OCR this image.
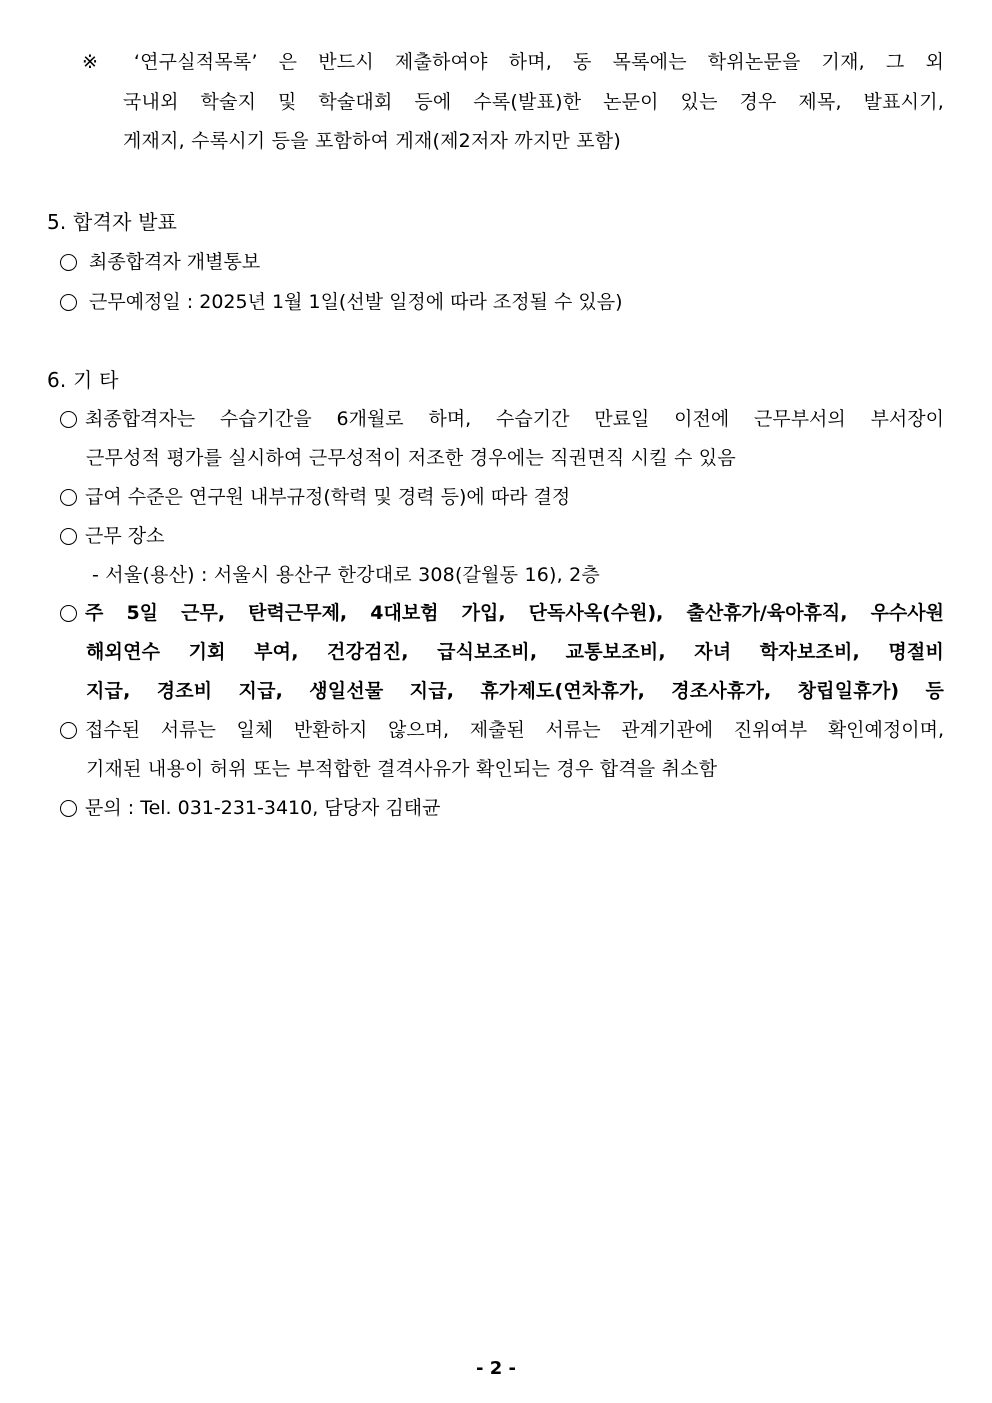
※ ‘연구실적목록’ 은 반드시 제출하여야 하며, 동 목록에는 학위논문을 기재, 그 외
국내외 학술지 및 학술대회 등에 수록(발표)한 논문이 있는 경우 제목, 발표시기,
게재지, 수록시기 등을 포함하여 게재(제2저자 까지만 포함)
5. 합격자 발표
최종합격자 개별통보
근무예정일 : 2025년 1월 1일(선발 일정에 따라 조정될 수 있음)
6. 기 타
최종합격자는 수습기간을 6개월로 하며, 수습기간 만료일 이전에 근무부서의 부서장이
근무성적 평가를 실시하여 근무성적이 저조한 경우에는 직권면직 시킬 수 있음
급여 수준은 연구원 내부규정(학력 및 경력 등)에 따라 결정
근무 장소
- 서울(용산) : 서울시 용산구 한강대로 308(갈월동 16), 2층
주 5일 근무, 탄력근무제, 4대보험 가입, 단독사옥(수원), 출산휴가/육아휴직, 우수사원
해외연수 기회 부여, 건강검진, 급식보조비, 교통보조비, 자녀 학자보조비, 명절비
지급, 경조비 지급, 생일선물 지급, 휴가제도(연차휴가, 경조사휴가, 창립일휴가) 등
접수된 서류는 일체 반환하지 않으며, 제출된 서류는 관계기관에 진위여부 확인예정이며,
기재된 내용이 허위 또는 부적합한 결격사유가 확인되는 경우 합격을 취소함
문의 : Tel. 031-231-3410, 담당자 김태균
- 2 -
